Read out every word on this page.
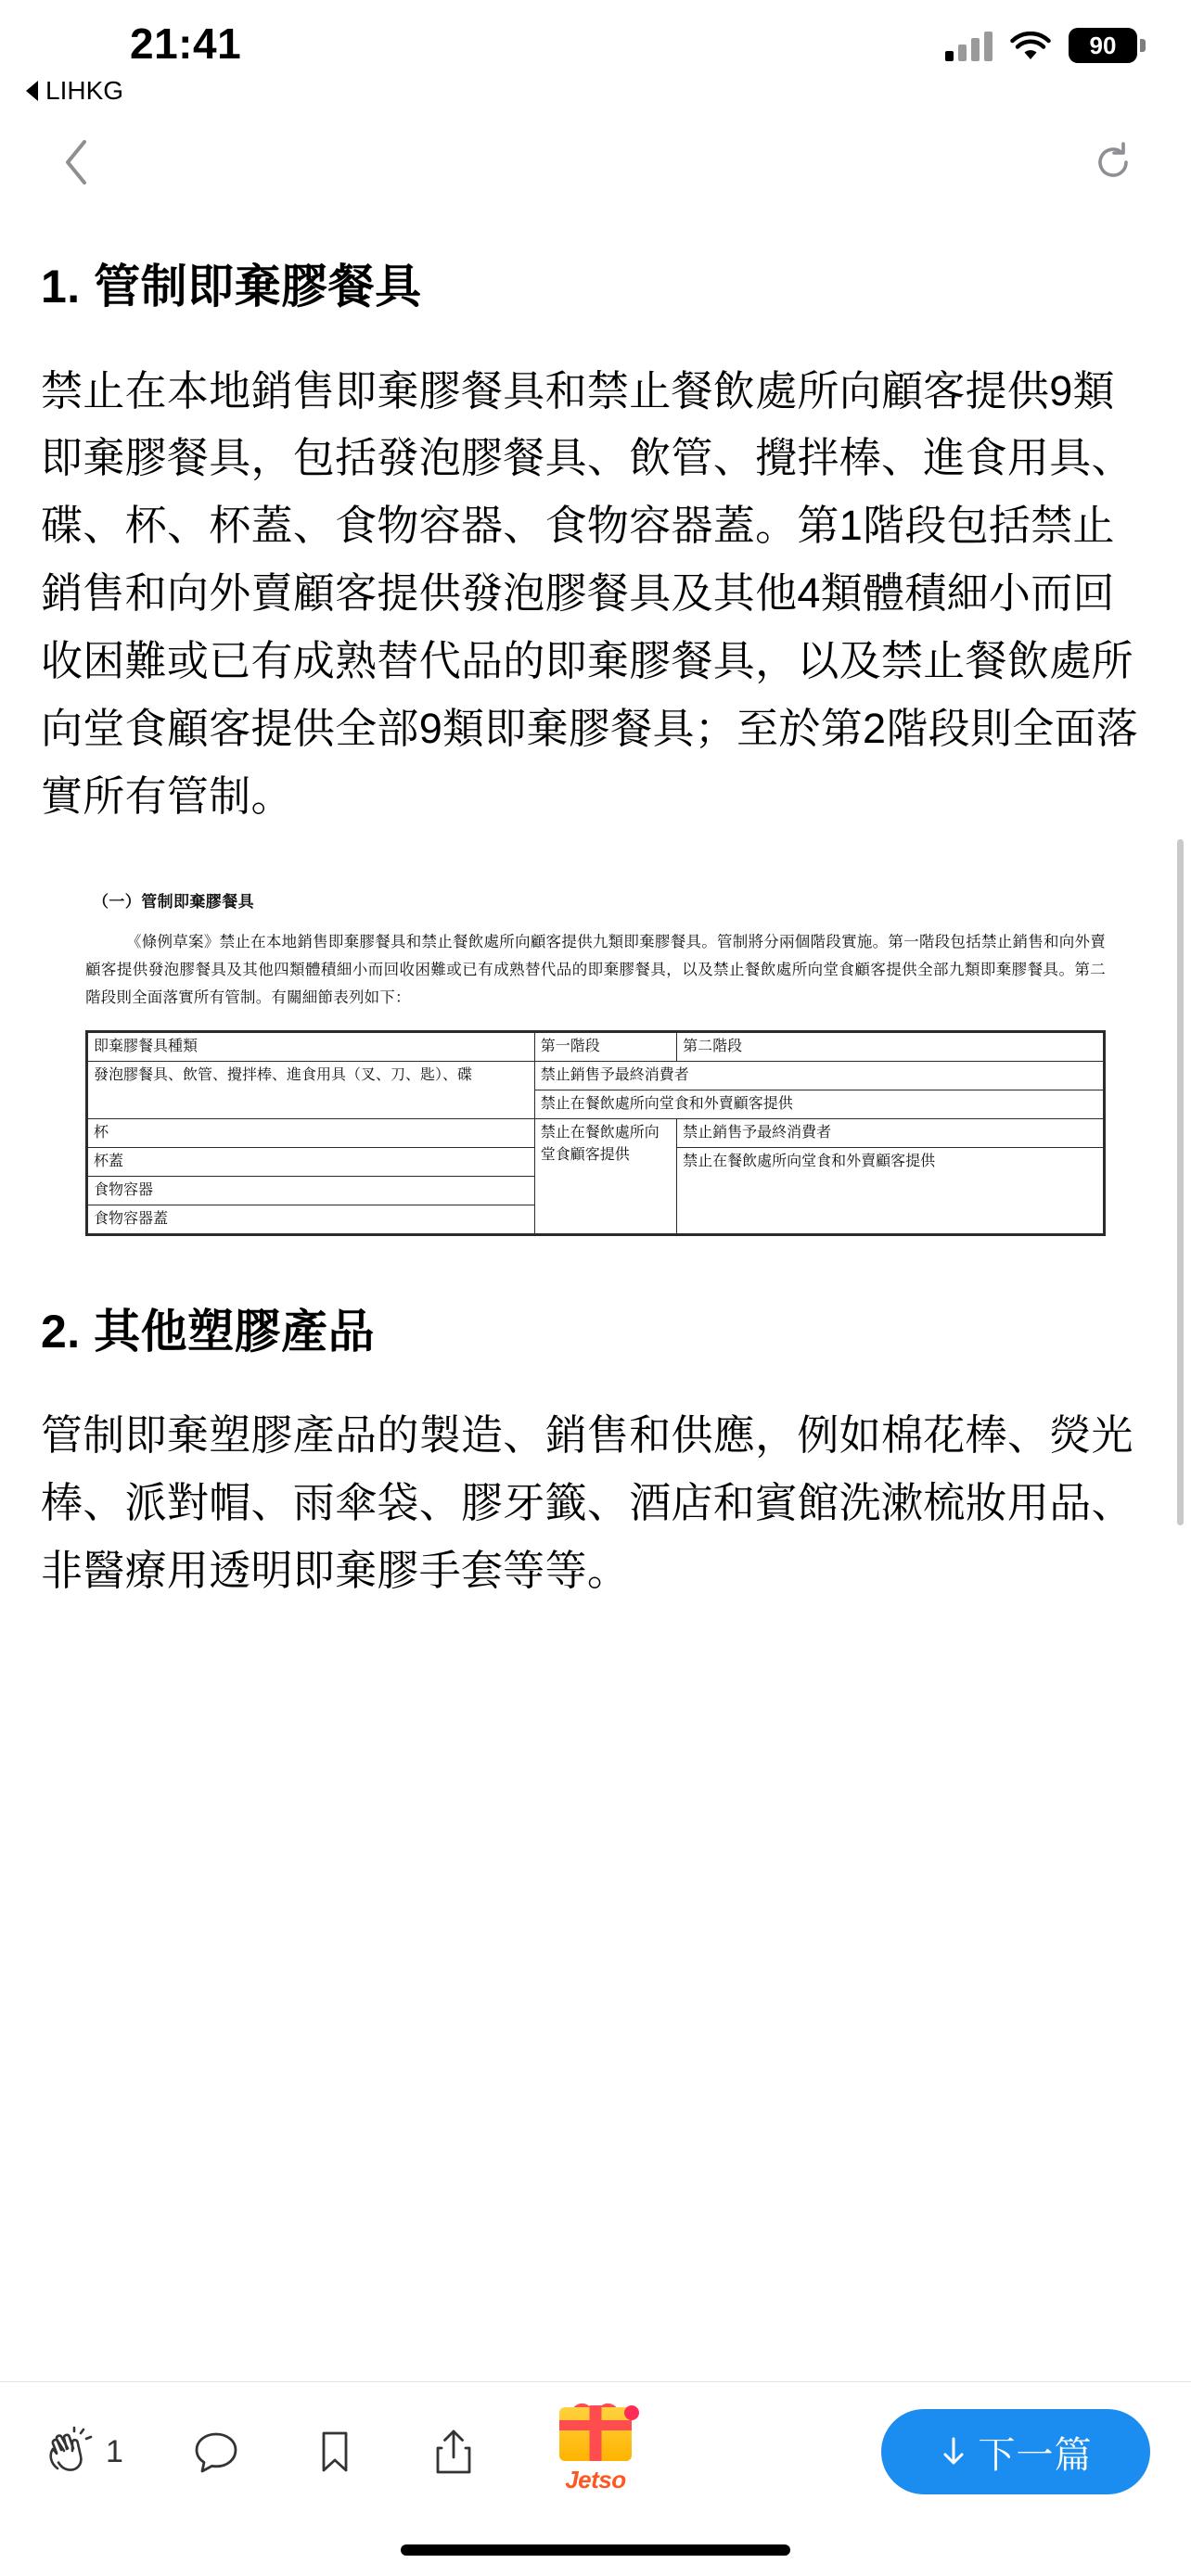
21:41
LIHKG
90
1. 管制即棄膠餐具

禁止在本地銷售即棄膠餐具和禁止餐飲處所向顧客提供9類即棄膠餐具，包括發泡膠餐具、飲管、攪拌棒、進食用具、碟、杯、杯蓋、食物容器、食物容器蓋。第1階段包括禁止銷售和向外賣顧客提供發泡膠餐具及其他4類體積細小而回收困難或已有成熟替代品的即棄膠餐具，以及禁止餐飲處所向堂食顧客提供全部9類即棄膠餐具；至於第2階段則全面落實所有管制。

（一）管制即棄膠餐具
《條例草案》禁止在本地銷售即棄膠餐具和禁止餐飲處所向顧客提供九類即棄膠餐具。管制將分兩個階段實施。第一階段包括禁止銷售和向外賣顧客提供發泡膠餐具及其他四類體積細小而回收困難或已有成熟替代品的即棄膠餐具，以及禁止餐飲處所向堂食顧客提供全部九類即棄膠餐具。第二階段則全面落實所有管制。有關細節表列如下：
即棄膠餐具種類	第一階段	第二階段
發泡膠餐具、飲管、攪拌棒、進食用具（叉、刀、匙）、碟	禁止銷售予最終消費者	
	禁止在餐飲處所向堂食和外賣顧客提供	
杯	禁止在餐飲處所向堂食顧客提供	禁止銷售予最終消費者
杯蓋		禁止在餐飲處所向堂食和外賣顧客提供
食物容器		
食物容器蓋		
2. 其他塑膠產品

管制即棄塑膠產品的製造、銷售和供應，例如棉花棒、熒光棒、派對帽、雨傘袋、膠牙籤、酒店和賓館洗漱梳妝用品、非醫療用透明即棄膠手套等等。

1
Jetso
下一篇
